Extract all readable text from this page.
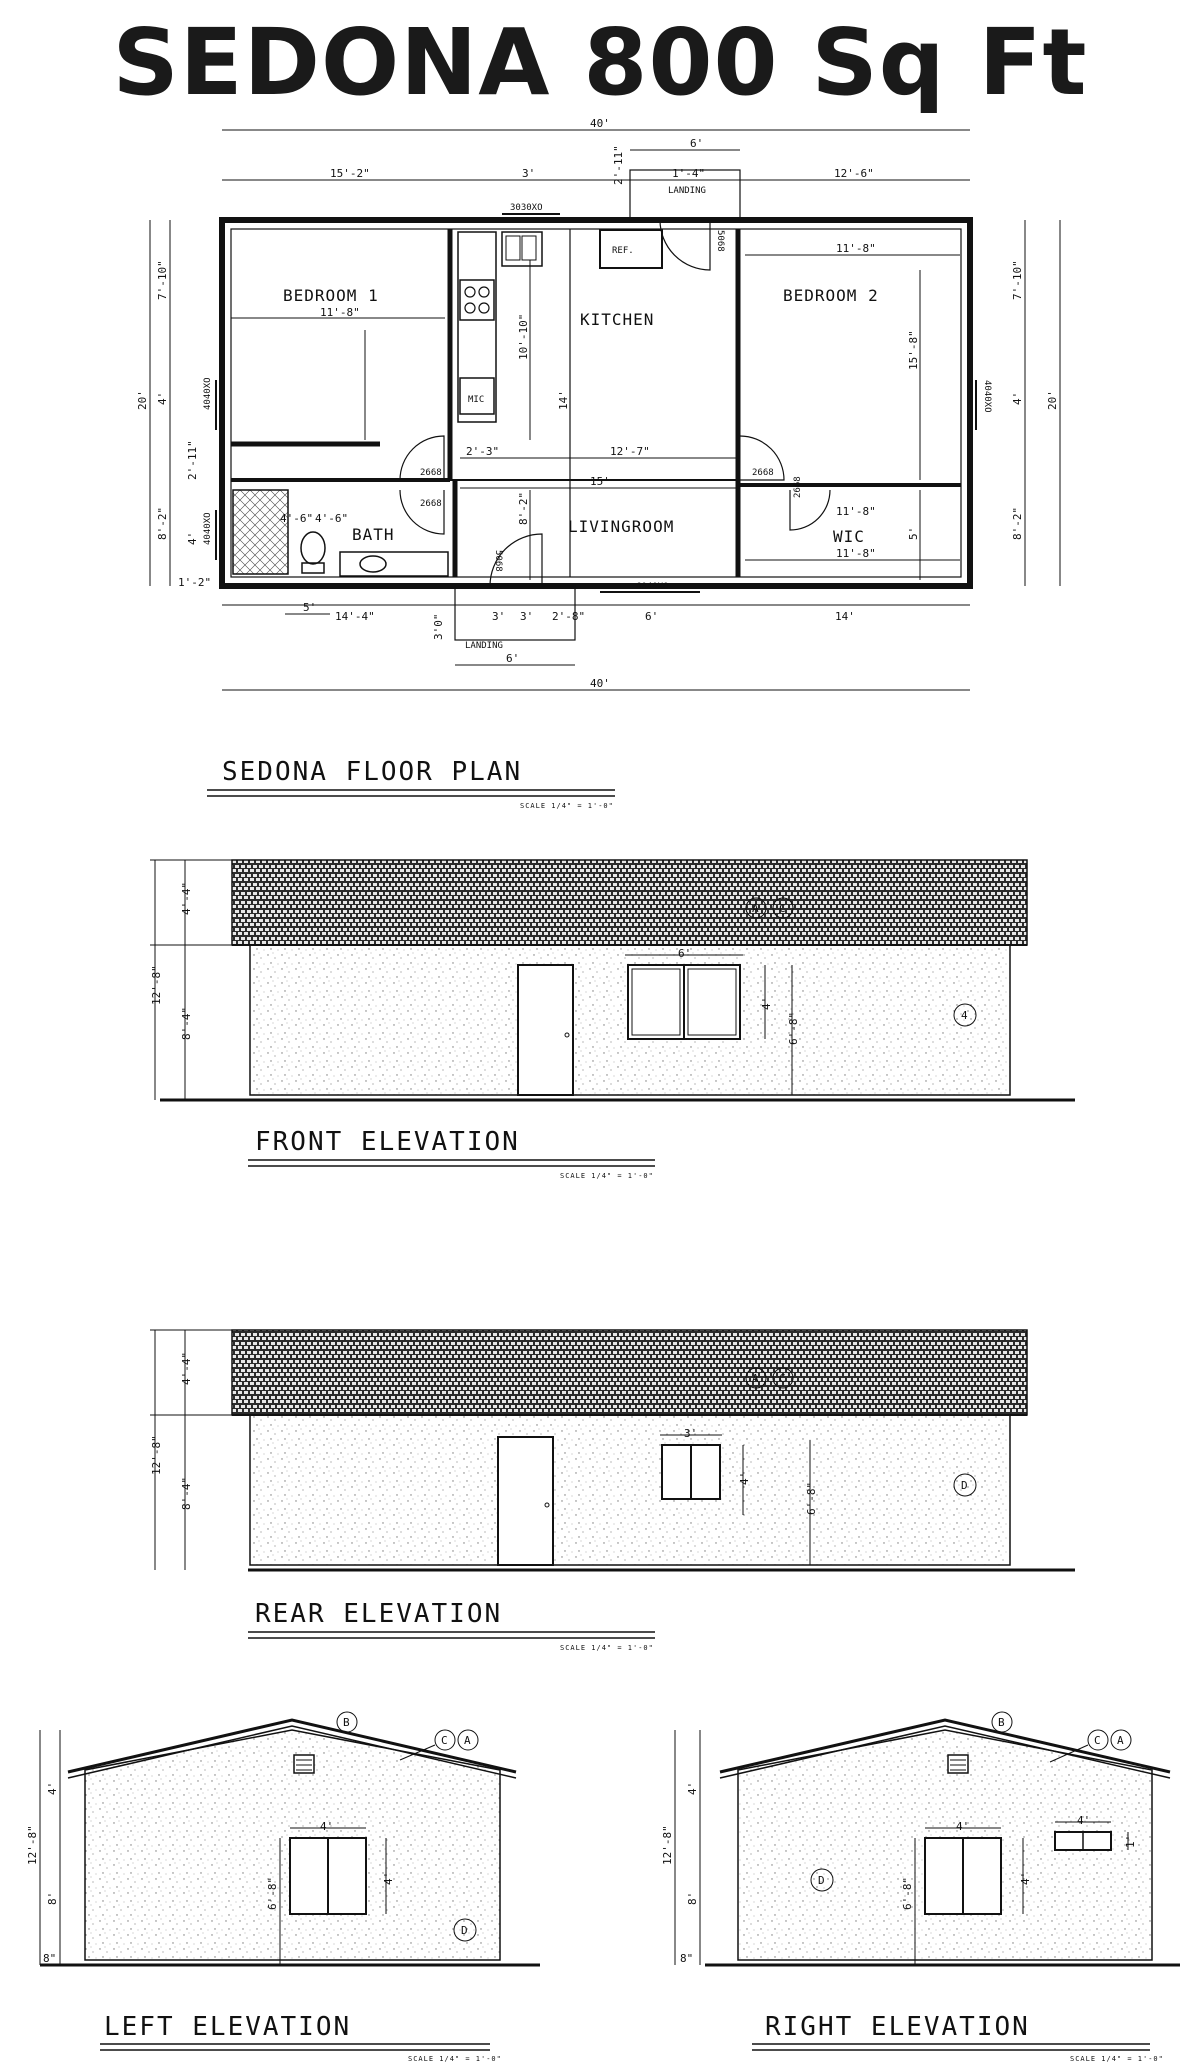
SEDONA 800 Sq Ft
BEDROOM 1
KITCHEN
BEDROOM 2
BATH	LIVINGROOM
WIC
REF.
MIC
3030XO
4040XO
4040XO
4040XO
6040XO
5068
2668	2668
2668
2668
5068
LANDING
LANDING
40'
6'
15'-2"	3'	1'-4"	12'-6"
2'-11"
14'-4"	3' 3' 2'-8"	6'	14'
6'
40'
5'
3'0"
20'
7'-10"
4'
2'-11"
8'-2" 4'
1'-2"
20'
7'-10"
4'
8'-2"
11'-8"
11'-8"
11'-8"
10'-10"	15'-8"
12'-7"
2'-3"
15'
14'
8'-2"	11'-8"
5'
4'-6" 4'-6"
SEDONA FLOOR PLAN
SCALE 1/4" = 1'-0"
12'-8"
4'-4"
8'-4"
6'
4'
6'-8"
A C
4
FRONT ELEVATION
SCALE 1/4" = 1'-0"
12'-8"
4'-4"
8'-4"
3'
4'
6'-8"
A C
D
REAR ELEVATION
SCALE 1/4" = 1'-0"
4'
12'-8"
8'
4'
4'
6'-8"
8"
B
C A
D
LEFT ELEVATION
SCALE 1/4" = 1'-0"
4'
12'-8"
8'
4'
4'
6'-8"
8"
4'
1'
B
C A
D
RIGHT ELEVATION
SCALE 1/4" = 1'-0"
